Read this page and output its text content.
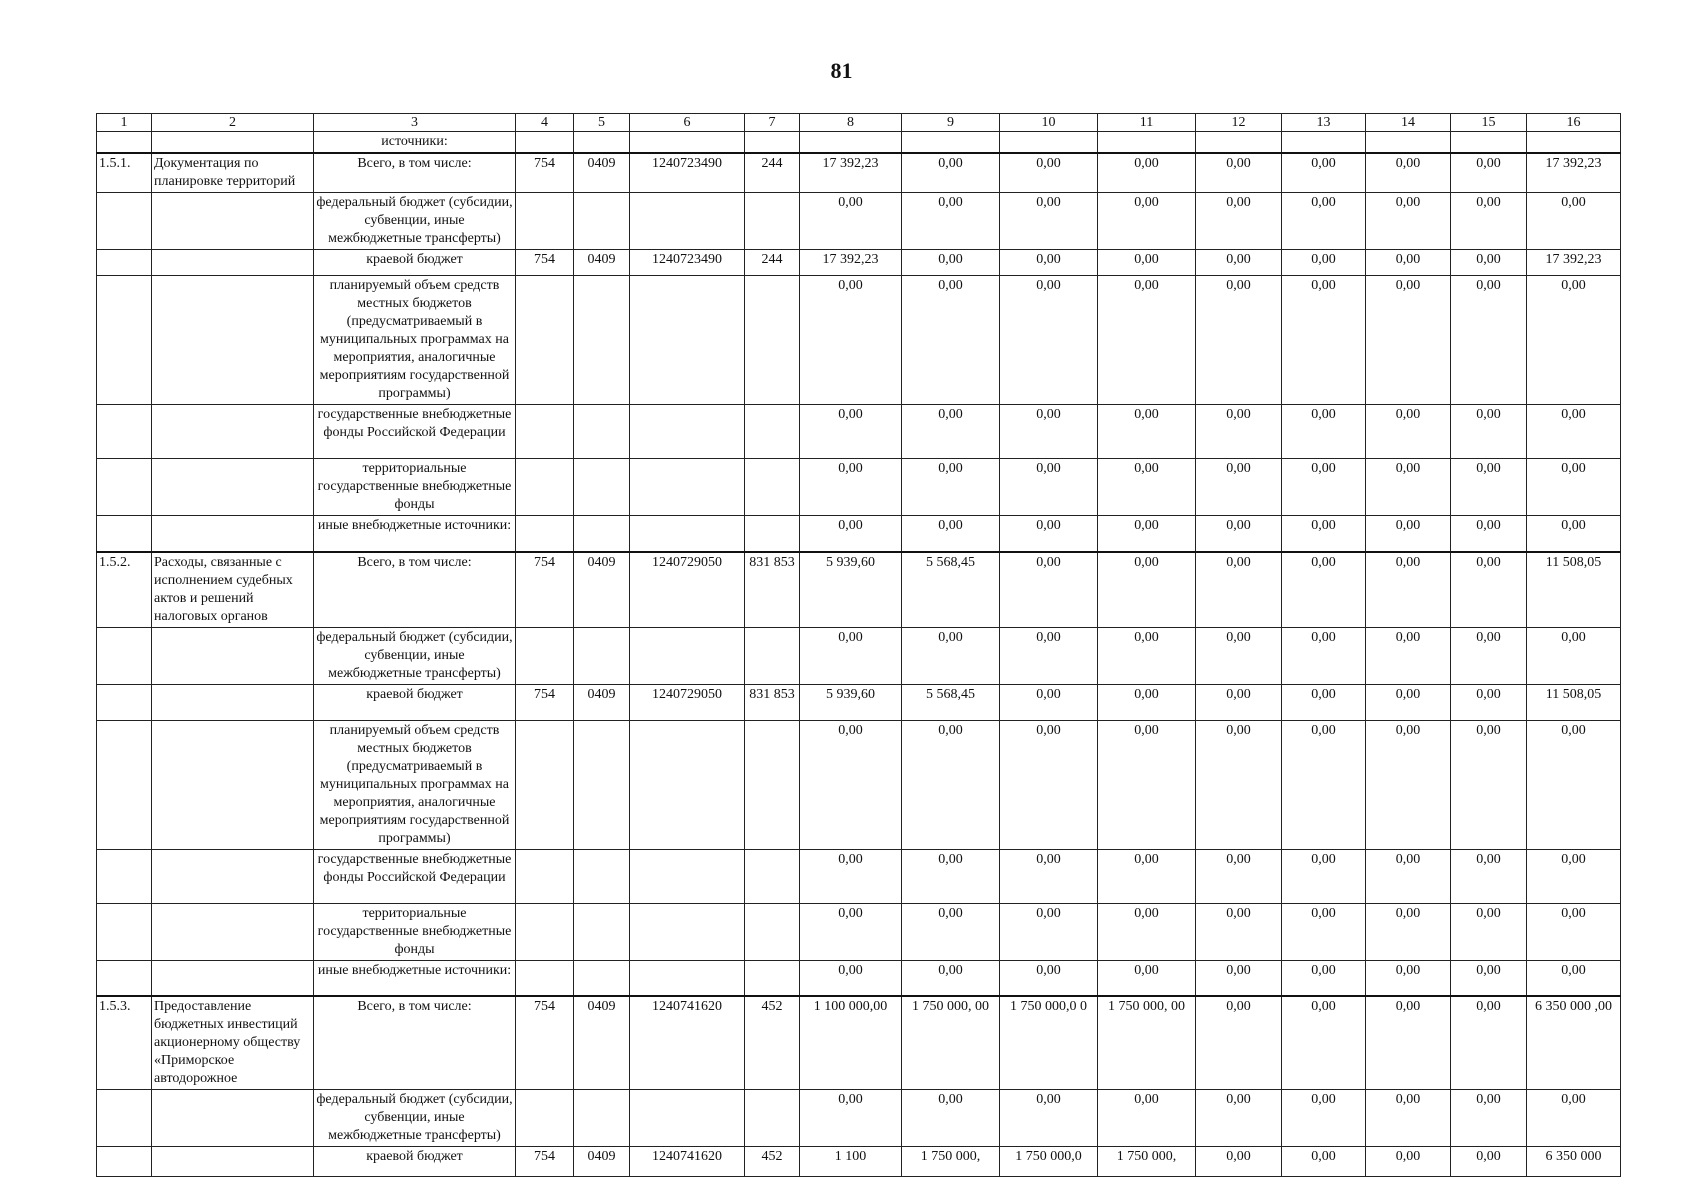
81
1	2	3	4	5	6	7	8	9	10	11	12	13	14	15	16
		источники:													
1.5.1.	Документация по планировке территорий	Всего, в том числе:	754	0409	1240723490	244	17 392,23	0,00	0,00	0,00	0,00	0,00	0,00	0,00	17 392,23
		федеральный бюджет (субсидии, субвенции, иные межбюджетные трансферты)					0,00	0,00	0,00	0,00	0,00	0,00	0,00	0,00	0,00
		краевой бюджет	754	0409	1240723490	244	17 392,23	0,00	0,00	0,00	0,00	0,00	0,00	0,00	17 392,23
		планируемый объем средств местных бюджетов (предусматриваемый в муниципальных программах на мероприятия, аналогичные мероприятиям государственной программы)					0,00	0,00	0,00	0,00	0,00	0,00	0,00	0,00	0,00
		государственные внебюджетные фонды Российской Федерации					0,00	0,00	0,00	0,00	0,00	0,00	0,00	0,00	0,00
		территориальные государственные внебюджетные фонды					0,00	0,00	0,00	0,00	0,00	0,00	0,00	0,00	0,00
		иные внебюджетные источники:					0,00	0,00	0,00	0,00	0,00	0,00	0,00	0,00	0,00
1.5.2.	Расходы, связанные с исполнением судебных актов и решений налоговых органов	Всего, в том числе:	754	0409	1240729050	831 853	5 939,60	5 568,45	0,00	0,00	0,00	0,00	0,00	0,00	11 508,05
		федеральный бюджет (субсидии, субвенции, иные межбюджетные трансферты)					0,00	0,00	0,00	0,00	0,00	0,00	0,00	0,00	0,00
		краевой бюджет	754	0409	1240729050	831 853	5 939,60	5 568,45	0,00	0,00	0,00	0,00	0,00	0,00	11 508,05
		планируемый объем средств местных бюджетов (предусматриваемый в муниципальных программах на мероприятия, аналогичные мероприятиям государственной программы)					0,00	0,00	0,00	0,00	0,00	0,00	0,00	0,00	0,00
		государственные внебюджетные фонды Российской Федерации					0,00	0,00	0,00	0,00	0,00	0,00	0,00	0,00	0,00
		территориальные государственные внебюджетные фонды					0,00	0,00	0,00	0,00	0,00	0,00	0,00	0,00	0,00
		иные внебюджетные источники:					0,00	0,00	0,00	0,00	0,00	0,00	0,00	0,00	0,00
1.5.3.	Предоставление бюджетных инвестиций акционерному обществу «Приморское автодорожное	Всего, в том числе:	754	0409	1240741620	452	1 100 000,00	1 750 000, 00	1 750 000,0 0	1 750 000, 00	0,00	0,00	0,00	0,00	6 350 000 ,00
		федеральный бюджет (субсидии, субвенции, иные межбюджетные трансферты)					0,00	0,00	0,00	0,00	0,00	0,00	0,00	0,00	0,00
		краевой бюджет	754	0409	1240741620	452	1 100	1 750 000,	1 750 000,0	1 750 000,	0,00	0,00	0,00	0,00	6 350 000
